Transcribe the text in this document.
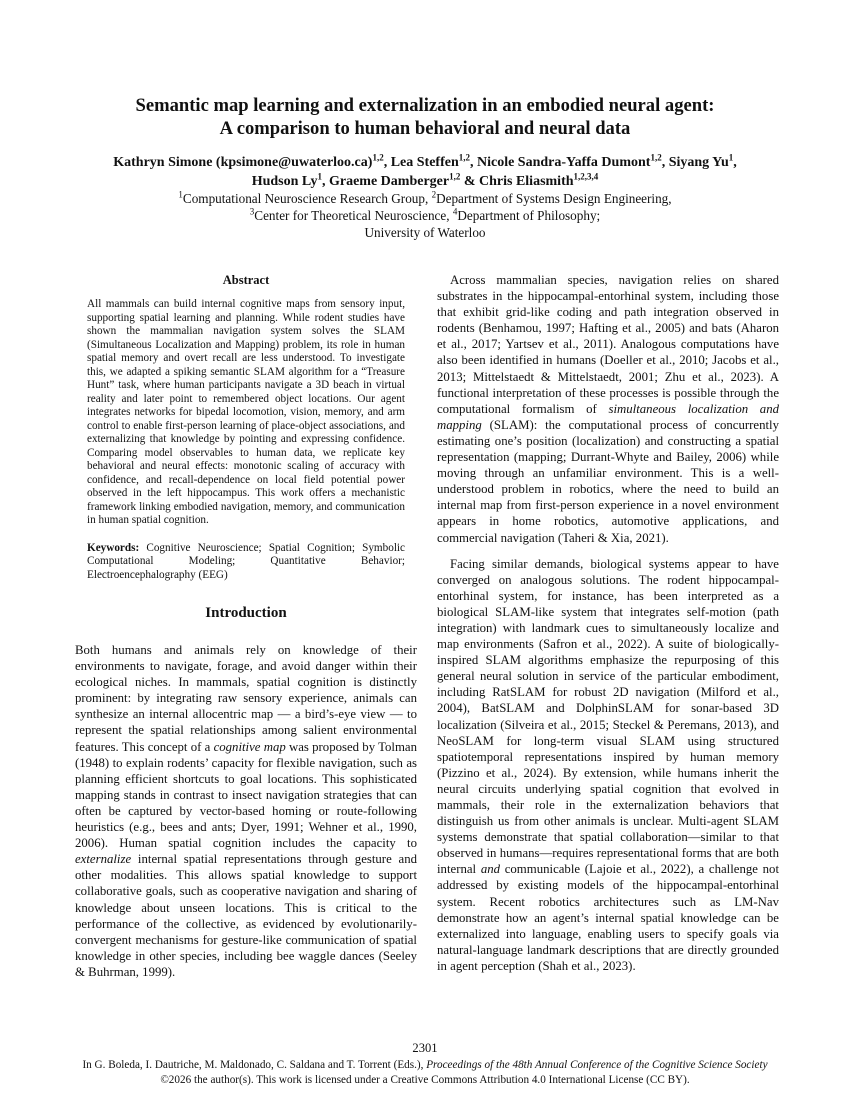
Semantic map learning and externalization in an embodied neural agent:
A comparison to human behavioral and neural data

Kathryn Simone (kpsimone@uwaterloo.ca)$^{1,2}$, Lea Steffen$^{1,2}$, Nicole Sandra-Yaffa Dumont$^{1,2}$, Siyang Yu$^1$,
Hudson Ly$^1$, Graeme Damberger$^{1,2}$ & Chris Eliasmith$^{1,2,3,4}$

$^1$Computational Neuroscience Research Group, $^2$Department of Systems Design Engineering,
$^3$Center for Theoretical Neuroscience, $^4$Department of Philosophy;
University of Waterloo

Abstract

All mammals can build internal cognitive maps from sensory input, supporting spatial learning and planning. While rodent studies have shown the mammalian navigation system solves the SLAM (Simultaneous Localization and Mapping) problem, its role in human spatial memory and overt recall are less understood. To investigate this, we adapted a spiking semantic SLAM algorithm for a “Treasure Hunt” task, where human participants navigate a 3D beach in virtual reality and later point to remembered object locations. Our agent integrates networks for bipedal locomotion, vision, memory, and arm control to enable first-person learning of place-object associations, and externalizing that knowledge by pointing and expressing confidence. Comparing model observables to human data, we replicate key behavioral and neural effects: monotonic scaling of accuracy with confidence, and recall-dependence on local field potential power observed in the left hippocampus. This work offers a mechanistic framework linking embodied navigation, memory, and communication in human spatial cognition.

Keywords: Cognitive Neuroscience; Spatial Cognition; Symbolic Computational Modeling; Quantitative Behavior; Electroencephalography (EEG)

Introduction

Both humans and animals rely on knowledge of their environments to navigate, forage, and avoid danger within their ecological niches. In mammals, spatial cognition is distinctly prominent: by integrating raw sensory experience, animals can synthesize an internal allocentric map — a bird’s-eye view — to represent the spatial relationships among salient environmental features. This concept of a cognitive map was proposed by Tolman (1948) to explain rodents’ capacity for flexible navigation, such as planning efficient shortcuts to goal locations. This sophisticated mapping stands in contrast to insect navigation strategies that can often be captured by vector-based homing or route-following heuristics (e.g., bees and ants; Dyer, 1991; Wehner et al., 1990, 2006). Human spatial cognition includes the capacity to externalize internal spatial representations through gesture and other modalities. This allows spatial knowledge to support collaborative goals, such as cooperative navigation and sharing of knowledge about unseen locations. This is critical to the performance of the collective, as evidenced by evolutionarily-convergent mechanisms for gesture-like communication of spatial knowledge in other species, including bee waggle dances (Seeley & Buhrman, 1999).

Across mammalian species, navigation relies on shared substrates in the hippocampal-entorhinal system, including those that exhibit grid-like coding and path integration observed in rodents (Benhamou, 1997; Hafting et al., 2005) and bats (Aharon et al., 2017; Yartsev et al., 2011). Analogous computations have also been identified in humans (Doeller et al., 2010; Jacobs et al., 2013; Mittelstaedt & Mittelstaedt, 2001; Zhu et al., 2023). A functional interpretation of these processes is possible through the computational formalism of simultaneous localization and mapping (SLAM): the computational process of concurrently estimating one’s position (localization) and constructing a spatial representation (mapping; Durrant-Whyte and Bailey, 2006) while moving through an unfamiliar environment. This is a well-understood problem in robotics, where the need to build an internal map from first-person experience in a novel environment appears in home robotics, automotive applications, and commercial navigation (Taheri & Xia, 2021).

Facing similar demands, biological systems appear to have converged on analogous solutions. The rodent hippocampal-entorhinal system, for instance, has been interpreted as a biological SLAM-like system that integrates self-motion (path integration) with landmark cues to simultaneously localize and map environments (Safron et al., 2022). A suite of biologically-inspired SLAM algorithms emphasize the repurposing of this general neural solution in service of the particular embodiment, including RatSLAM for robust 2D navigation (Milford et al., 2004), BatSLAM and DolphinSLAM for sonar-based 3D localization (Silveira et al., 2015; Steckel & Peremans, 2013), and NeoSLAM for long-term visual SLAM using structured spatiotemporal representations inspired by human memory (Pizzino et al., 2024). By extension, while humans inherit the neural circuits underlying spatial cognition that evolved in mammals, their role in the externalization behaviors that distinguish us from other animals is unclear. Multi-agent SLAM systems demonstrate that spatial collaboration—similar to that observed in humans—requires representational forms that are both internal and communicable (Lajoie et al., 2022), a challenge not addressed by existing models of the hippocampal-entorhinal system. Recent robotics architectures such as LM-Nav demonstrate how an agent’s internal spatial knowledge can be externalized into language, enabling users to specify goals via natural-language landmark descriptions that are directly grounded in agent perception (Shah et al., 2023).

2301

In G. Boleda, I. Dautriche, M. Maldonado, C. Saldana and T. Torrent (Eds.), Proceedings of the 48th Annual Conference of the Cognitive Science Society ©2026 the author(s). This work is licensed under a Creative Commons Attribution 4.0 International License (CC BY).
